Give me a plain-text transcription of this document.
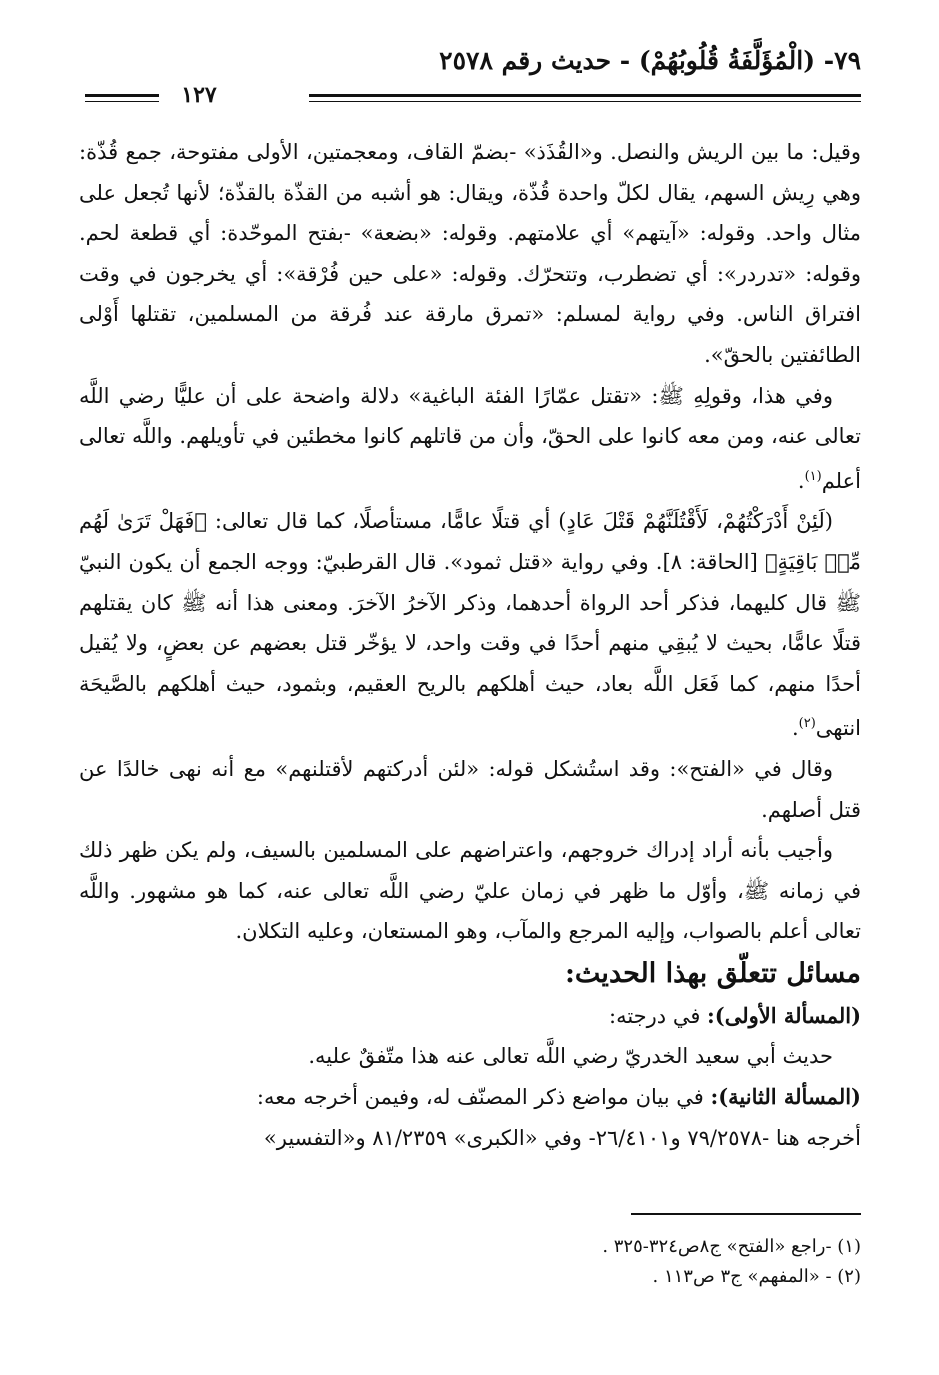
٧٩- (الْمُؤَلَّفَةُ قُلُوبُهُمْ) - حديث رقم ٢٥٧٨
١٢٧

وقيل: ما بين الريش والنصل. و«القُذَذ» -بضمّ القاف، ومعجمتين، الأولى مفتوحة، جمع قُذّة: وهي رِيش السهم، يقال لكلّ واحدة قُذّة، ويقال: هو أشبه من القذّة بالقذّة؛ لأنها تُجعل على مثال واحد. وقوله: «آيتهم» أي علامتهم. وقوله: «بضعة» -بفتح الموحّدة: أي قطعة لحم. وقوله: «تدردر»: أي تضطرب، وتتحرّك. وقوله: «على حين فُرْقة»: أي يخرجون في وقت افتراق الناس. وفي رواية لمسلم: «تمرق مارقة عند فُرقة من المسلمين، تقتلها أَوْلى الطائفتين بالحقّ».

وفي هذا، وقولِهِ ﷺ: «تقتل عمّارًا الفئة الباغية» دلالة واضحة على أن عليًّا رضي اللَّه تعالى عنه، ومن معه كانوا على الحقّ، وأن من قاتلهم كانوا مخطئين في تأويلهم. واللَّه تعالى أعلم$^{(١)}$.

(لَئِنْ أَدْرَكْتُهُمْ، لَأَقْتُلَنَّهُمْ قَتْلَ عَادٍ) أي قتلًا عامًّا، مستأصلًا، كما قال تعالى: ﴿فَهَلْ تَرَىٰ لَهُم مِّنۢ بَاقِيَةٍ﴾ [الحاقة: ٨]. وفي رواية «قتل ثمود». قال القرطبيّ: ووجه الجمع أن يكون النبيّ ﷺ قال كليهما، فذكر أحد الرواة أحدهما، وذكر الآخرُ الآخرَ. ومعنى هذا أنه ﷺ كان يقتلهم قتلًا عامًّا، بحيث لا يُبقِي منهم أحدًا في وقت واحد، لا يؤخّر قتل بعضهم عن بعضٍ، ولا يُقيل أحدًا منهم، كما فَعَل اللَّه بعاد، حيث أهلكهم بالريح العقيم، وبثمود، حيث أهلكهم بالصَّيحَة انتهى$^{(٢)}$.

وقال في «الفتح»: وقد استُشكل قوله: «لئن أدركتهم لأقتلنهم» مع أنه نهى خالدًا عن قتل أصلهم.

وأجيب بأنه أراد إدراك خروجهم، واعتراضهم على المسلمين بالسيف، ولم يكن ظهر ذلك في زمانه ﷺ، وأوّل ما ظهر في زمان عليّ رضي اللَّه تعالى عنه، كما هو مشهور. واللَّه تعالى أعلم بالصواب، وإليه المرجع والمآب، وهو المستعان، وعليه التكلان.

مسائل تتعلّق بهذا الحديث:

(المسألة الأولى): في درجته:

حديث أبي سعيد الخدريّ رضي اللَّه تعالى عنه هذا متّفقٌ عليه.

(المسألة الثانية): في بيان مواضع ذكر المصنّف له، وفيمن أخرجه معه:

أخرجه هنا -٧٩/٢٥٧٨ و٢٦/٤١٠١- وفي «الكبرى» ٨١/٢٣٥٩ و«التفسير»

(١) -راجع «الفتح» ج٨ص٣٢٤-٣٢٥ .

(٢) - «المفهم» ج٣ ص١١٣ .
